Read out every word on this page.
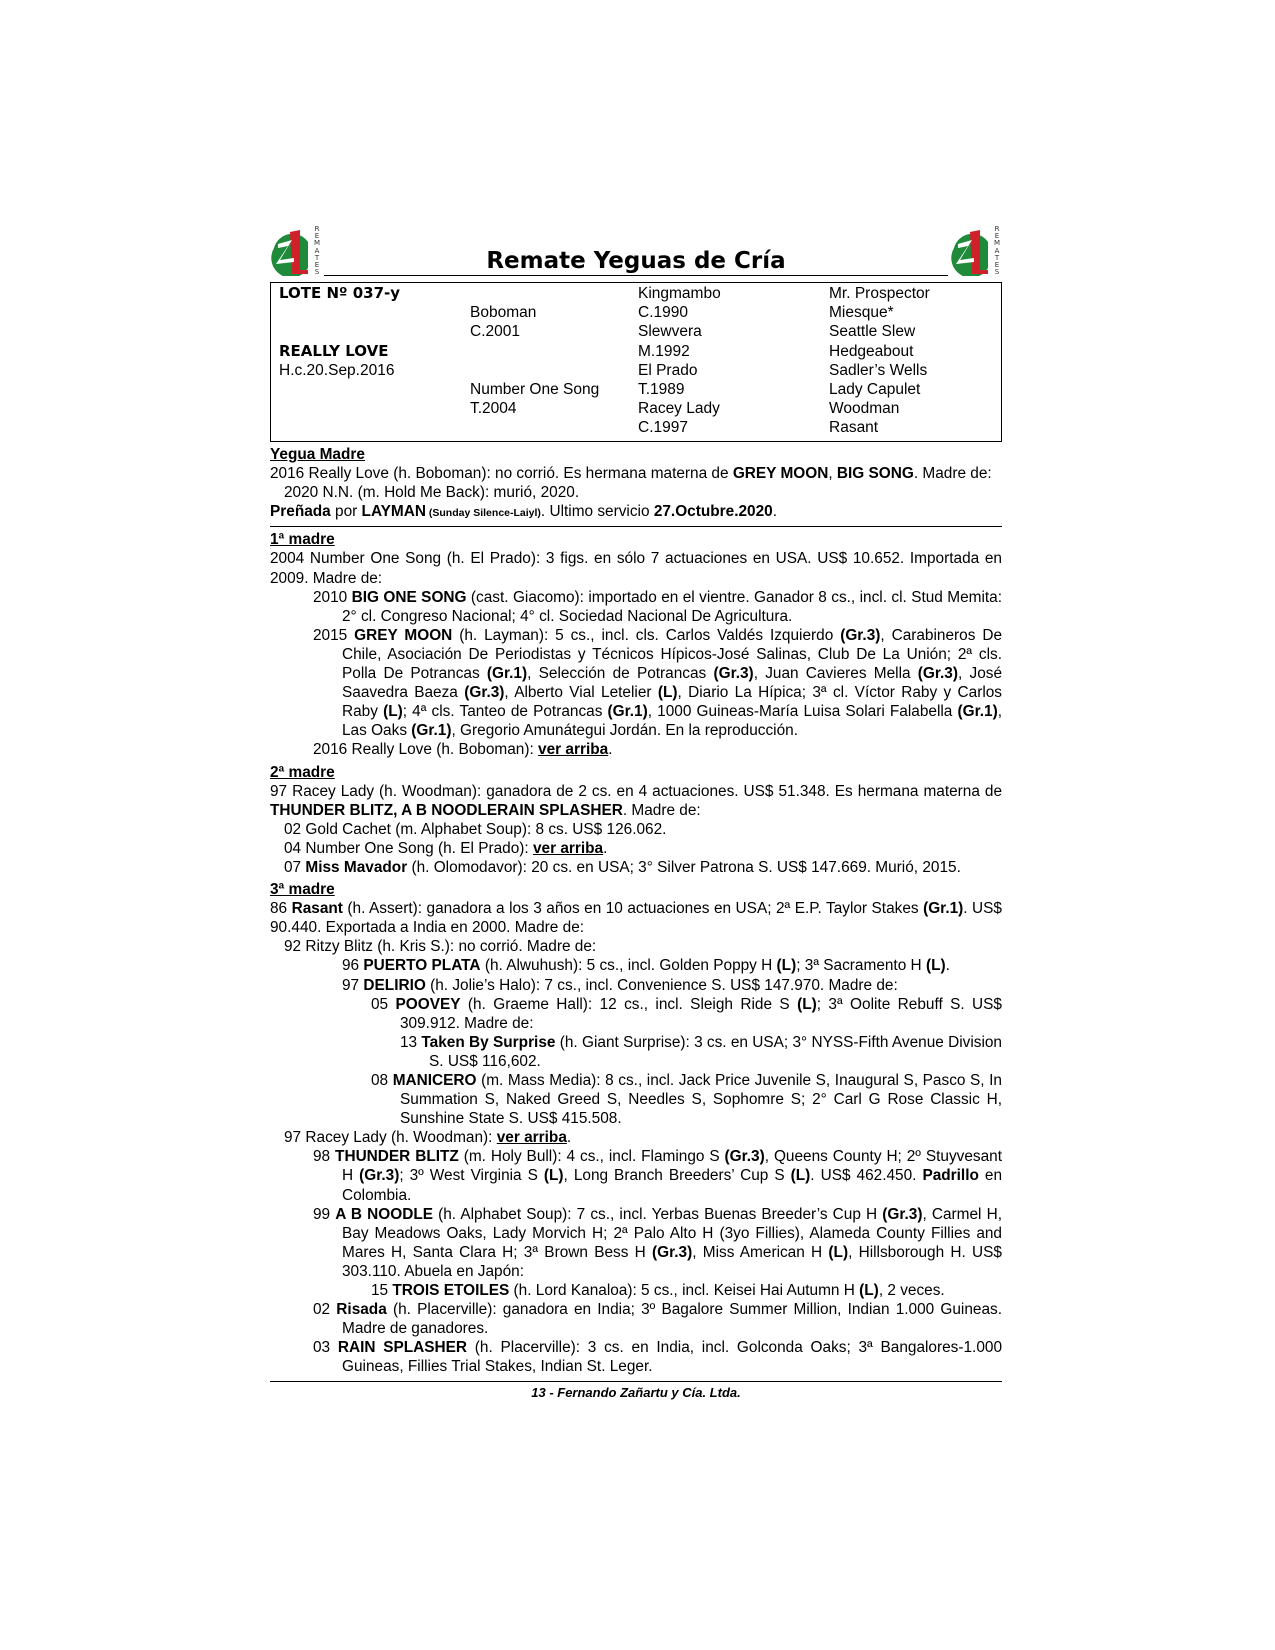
R
E
M
A
T
E
S	Remate Yeguas de Cría
R
E
M
A
T
E
S
LOTE Nº 037-y

REALLY LOVE
H.c.20.Sep.2016

Boboman
C.2001

Number One Song
T.2004
Kingmambo
C.1990
Slewvera
M.1992
El Prado
T.1989
Racey Lady
C.1997
Mr. Prospector
Miesque*
Seattle Slew
Hedgeabout
Sadler’s Wells
Lady Capulet
Woodman
Rasant
Yegua Madre

2016 Really Love (h. Boboman): no corrió. Es hermana materna de GREY MOON, BIG SONG. Madre de:

2020 N.N. (m. Hold Me Back): murió, 2020.

Preñada por LAYMAN (Sunday Silence-Laiyl). Ultimo servicio 27.Octubre.2020.

1ª madre

2004 Number One Song (h. El Prado): 3 figs. en sólo 7 actuaciones en USA. US$ 10.652. Importada en 2009. Madre de:

2010 BIG ONE SONG (cast. Giacomo): importado en el vientre. Ganador 8 cs., incl. cl. Stud Memita: 2° cl. Congreso Nacional; 4° cl. Sociedad Nacional De Agricultura.

2015 GREY MOON (h. Layman): 5 cs., incl. cls. Carlos Valdés Izquierdo (Gr.3), Carabineros De Chile, Asociación De Periodistas y Técnicos Hípicos-José Salinas, Club De La Unión; 2ª cls. Polla De Potrancas (Gr.1), Selección de Potrancas (Gr.3), Juan Cavieres Mella (Gr.3), José Saavedra Baeza (Gr.3), Alberto Vial Letelier (L), Diario La Hípica; 3ª cl. Víctor Raby y Carlos Raby (L); 4ª cls. Tanteo de Potrancas (Gr.1), 1000 Guineas-María Luisa Solari Falabella (Gr.1), Las Oaks (Gr.1), Gregorio Amunátegui Jordán. En la reproducción.

2016 Really Love (h. Boboman): ver arriba.

2ª madre

97 Racey Lady (h. Woodman): ganadora de 2 cs. en 4 actuaciones. US$ 51.348. Es hermana materna de THUNDER BLITZ, A B NOODLERAIN SPLASHER. Madre de:

02 Gold Cachet (m. Alphabet Soup): 8 cs. US$ 126.062.

04 Number One Song (h. El Prado): ver arriba.

07 Miss Mavador (h. Olomodavor): 20 cs. en USA; 3° Silver Patrona S. US$ 147.669. Murió, 2015.

3ª madre

86 Rasant (h. Assert): ganadora a los 3 años en 10 actuaciones en USA; 2ª E.P. Taylor Stakes (Gr.1). US$ 90.440. Exportada a India en 2000. Madre de:

92 Ritzy Blitz (h. Kris S.): no corrió. Madre de:

96 PUERTO PLATA (h. Alwuhush): 5 cs., incl. Golden Poppy H (L); 3ª Sacramento H (L).

97 DELIRIO (h. Jolie’s Halo): 7 cs., incl. Convenience S. US$ 147.970. Madre de:

05 POOVEY (h. Graeme Hall): 12 cs., incl. Sleigh Ride S (L); 3ª Oolite Rebuff S. US$ 309.912. Madre de:

13 Taken By Surprise (h. Giant Surprise): 3 cs. en USA; 3° NYSS-Fifth Avenue Division S. US$ 116,602.

08 MANICERO (m. Mass Media): 8 cs., incl. Jack Price Juvenile S, Inaugural S, Pasco S, In Summation S, Naked Greed S, Needles S, Sophomre S; 2° Carl G Rose Classic H, Sunshine State S. US$ 415.508.

97 Racey Lady (h. Woodman): ver arriba.

98 THUNDER BLITZ (m. Holy Bull): 4 cs., incl. Flamingo S (Gr.3), Queens County H; 2º Stuyvesant H (Gr.3); 3º West Virginia S (L), Long Branch Breeders’ Cup S (L). US$ 462.450. Padrillo en Colombia.

99 A B NOODLE (h. Alphabet Soup): 7 cs., incl. Yerbas Buenas Breeder’s Cup H (Gr.3), Carmel H, Bay Meadows Oaks, Lady Morvich H; 2ª Palo Alto H (3yo Fillies), Alameda County Fillies and Mares H, Santa Clara H; 3ª Brown Bess H (Gr.3), Miss American H (L), Hillsborough H. US$ 303.110. Abuela en Japón:

15 TROIS ETOILES (h. Lord Kanaloa): 5 cs., incl. Keisei Hai Autumn H (L), 2 veces.

02 Risada (h. Placerville): ganadora en India; 3º Bagalore Summer Million, Indian 1.000 Guineas. Madre de ganadores.

03 RAIN SPLASHER (h. Placerville): 3 cs. en India, incl. Golconda Oaks; 3ª Bangalores-1.000 Guineas, Fillies Trial Stakes, Indian St. Leger.

13 - Fernando Zañartu y Cía. Ltda.
